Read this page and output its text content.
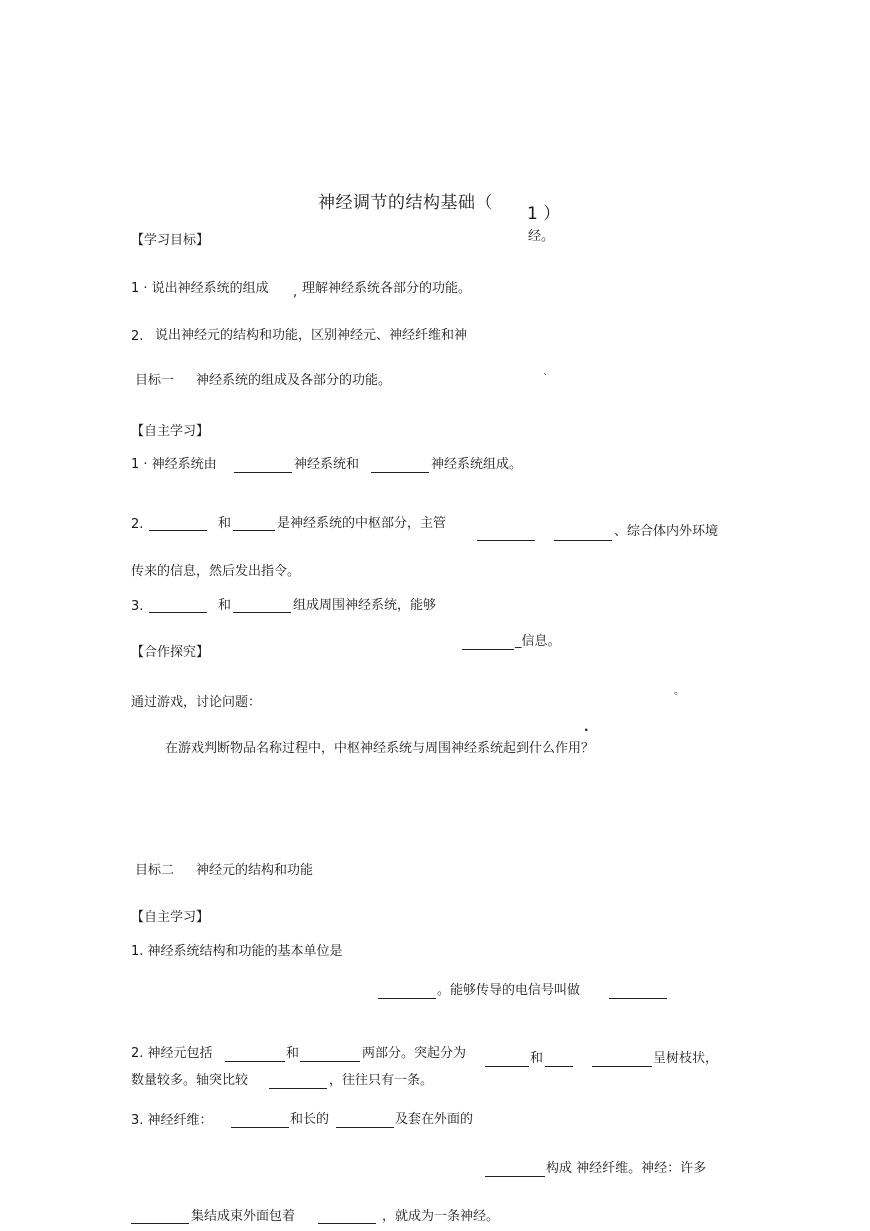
神经调节的结构基础（
1 ）
经。
【学习目标】
1 · 说出神经系统的组成 , 理解神经系统各部分的功能。
2. 说出神经元的结构和功能，区别神经元、神经纤维和神
目标一 神经系统的组成及各部分的功能。	`
【自主学习】
1 · 神经系统由	神经系统和	神经系统组成。
2.	和	是神经系统的中枢部分，主管
、综合体内外环境
传来的信息，然后发出指令。
3.	和	组成周围神经系统，能够
_信息。
【合作探究】
。
通过游戏，讨论问题：
·
在游戏判断物品名称过程中，中枢神经系统与周围神经系统起到什么作用？
目标二 神经元的结构和功能
【自主学习】
1. 神经系统结构和功能的基本单位是
。能够传导的电信号叫做
2. 神经元包括	和	两部分。突起分为	和	呈树枝状，
数量较多。轴突比较	，往往只有一条。
3. 神经纤维：	和长的	及套在外面的
构成 神经纤维。神经：许多
集结成束外面包着	，就成为一条神经。
